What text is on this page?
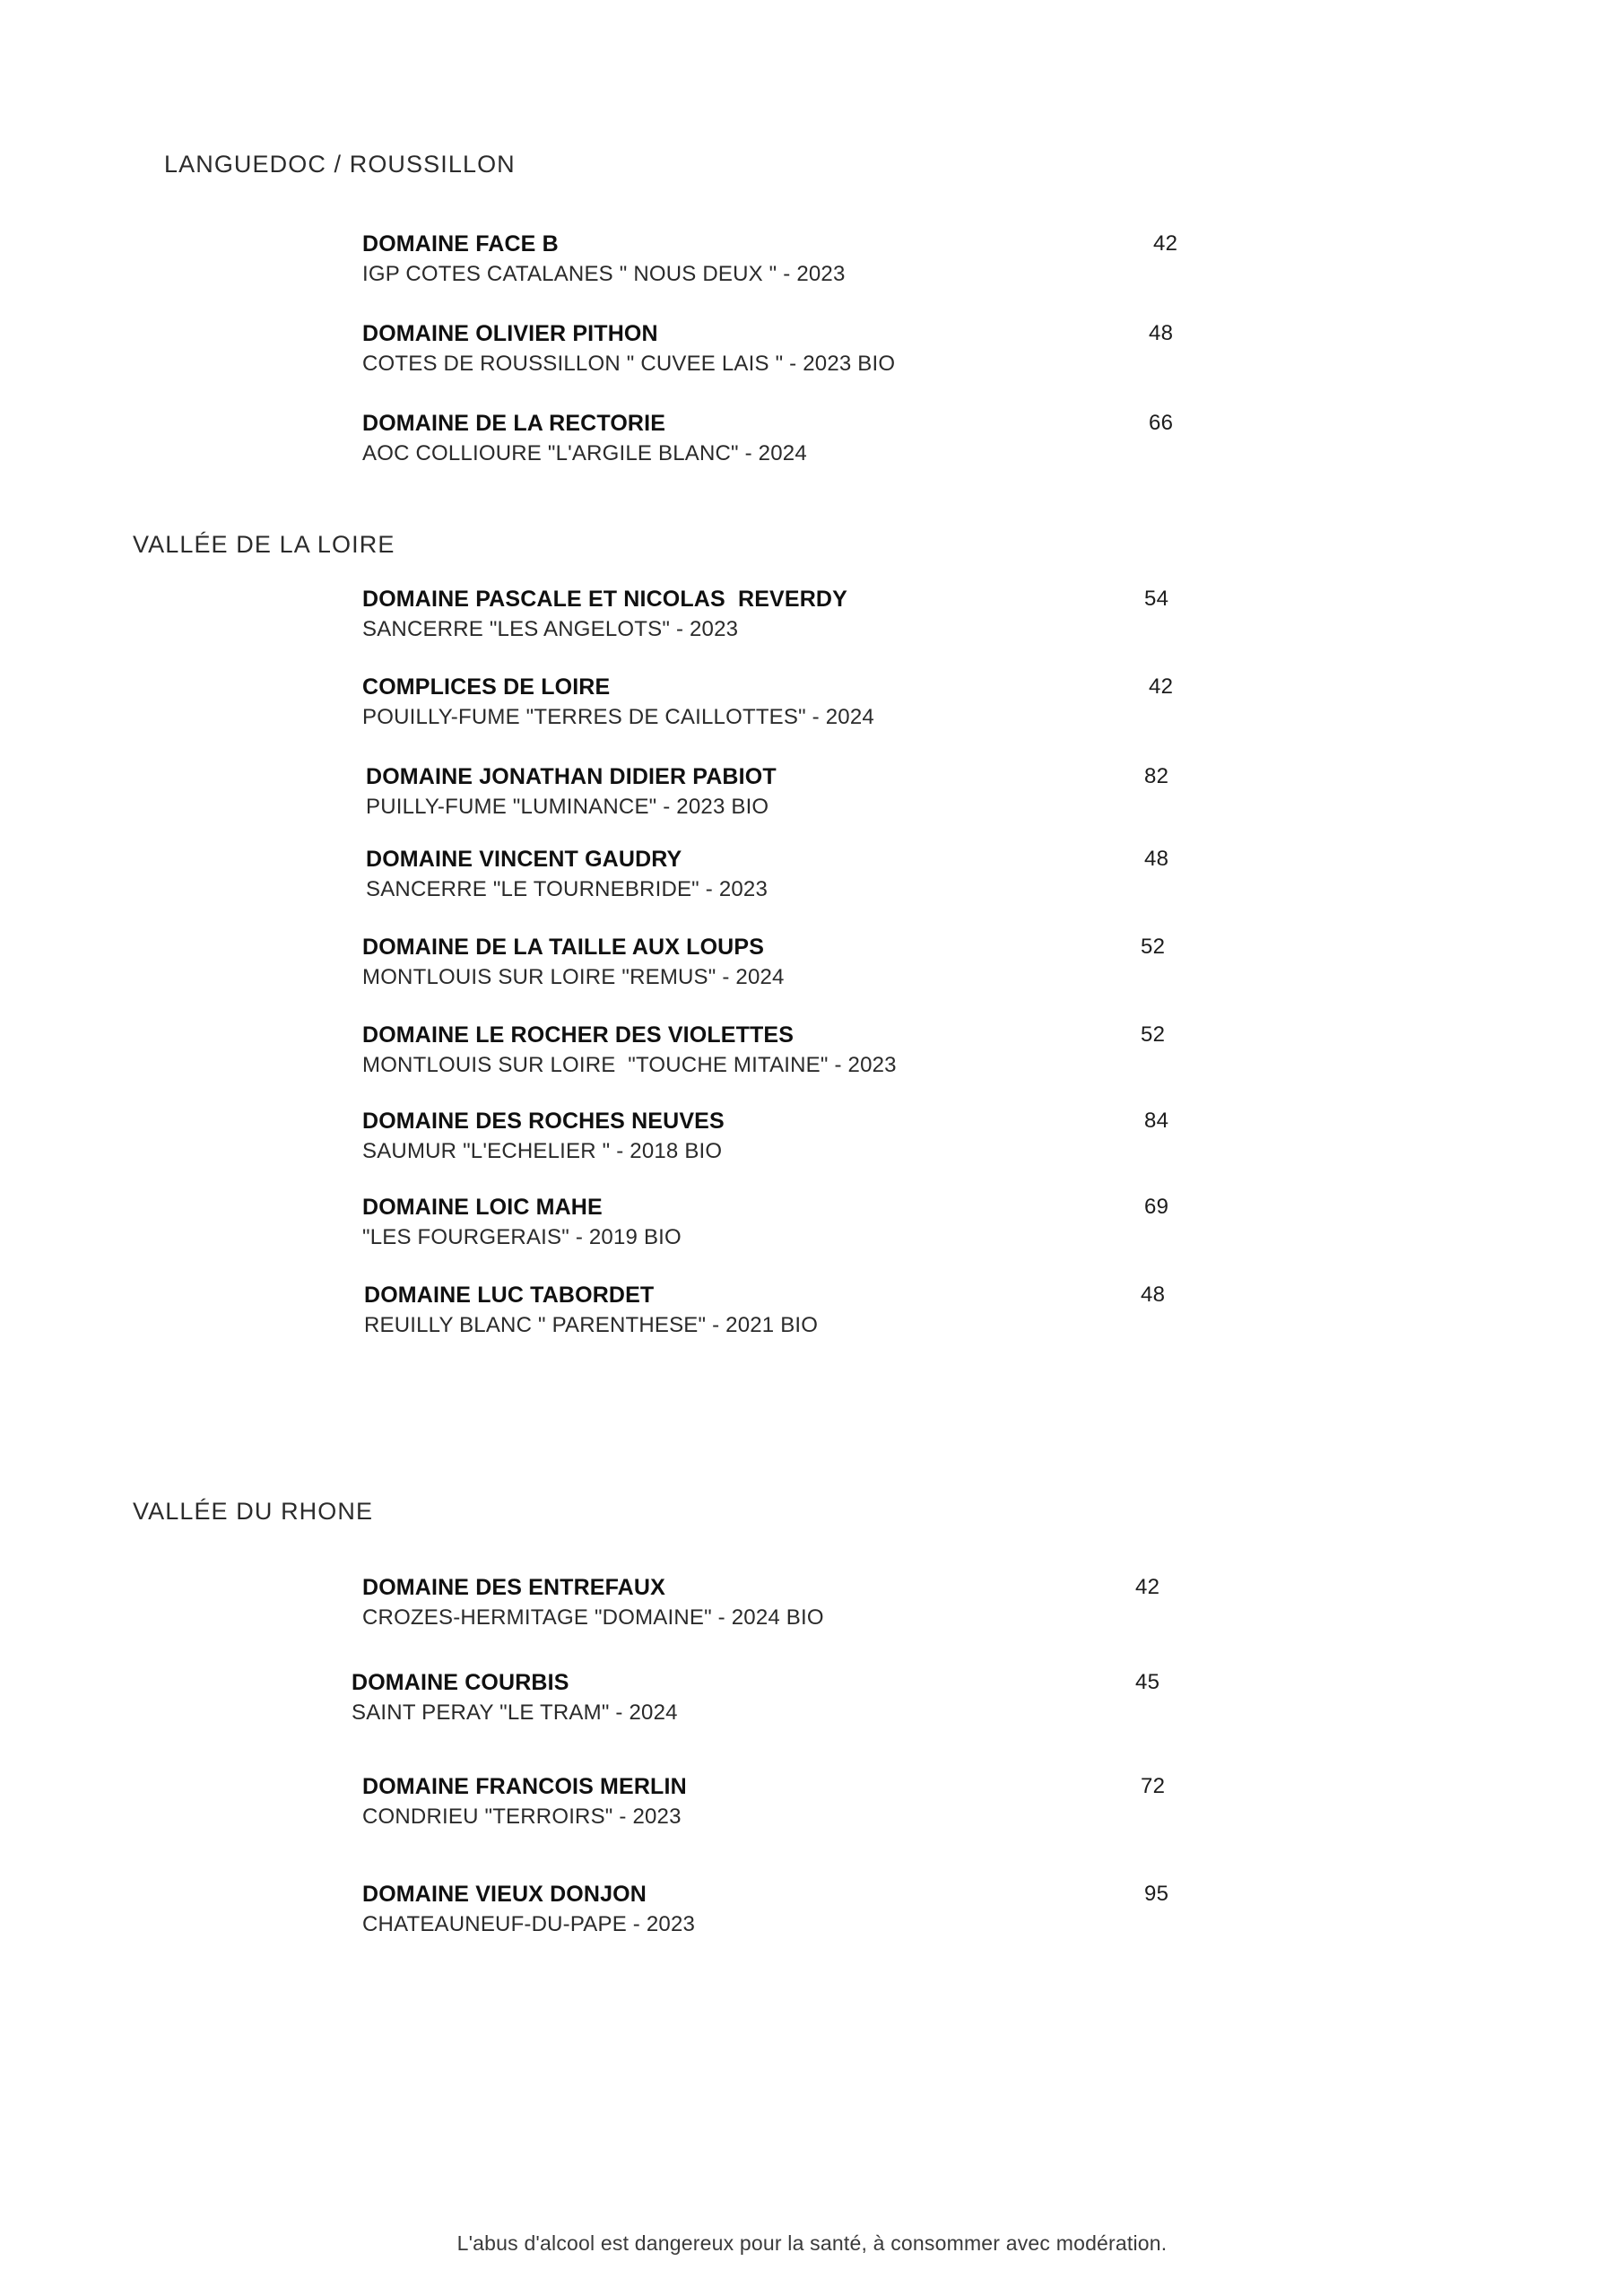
L'abus d'alcool est dangereux pour la santé, à consommer avec modération.
LANGUEDOC / ROUSSILLON
DOMAINE FACE B
IGP COTES CATALANES " NOUS DEUX " - 2023
42
DOMAINE OLIVIER PITHON
COTES DE ROUSSILLON " CUVEE LAIS " - 2023 BIO
48
DOMAINE DE LA RECTORIE
AOC COLLIOURE "L'ARGILE BLANC" - 2024
66
VALLÉE DE LA LOIRE
DOMAINE PASCALE ET NICOLAS  REVERDY
SANCERRE "LES ANGELOTS" - 2023
54
COMPLICES DE LOIRE
POUILLY-FUME "TERRES DE CAILLOTTES" - 2024
42
DOMAINE JONATHAN DIDIER PABIOT
PUILLY-FUME "LUMINANCE" - 2023 BIO
82
DOMAINE VINCENT GAUDRY
SANCERRE "LE TOURNEBRIDE" - 2023
48
DOMAINE DE LA TAILLE AUX LOUPS
MONTLOUIS SUR LOIRE "REMUS" - 2024
52
DOMAINE LE ROCHER DES VIOLETTES
MONTLOUIS SUR LOIRE  "TOUCHE MITAINE" - 2023
52
DOMAINE DES ROCHES NEUVES
SAUMUR "L'ECHELIER " - 2018 BIO
84
DOMAINE LOIC MAHE
"LES FOURGERAIS" - 2019 BIO
69
DOMAINE LUC TABORDET
REUILLY BLANC " PARENTHESE" - 2021 BIO
48
VALLÉE DU RHONE
DOMAINE DES ENTREFAUX
CROZES-HERMITAGE "DOMAINE" - 2024 BIO
42
DOMAINE COURBIS
SAINT PERAY "LE TRAM" - 2024
45
DOMAINE FRANCOIS MERLIN
CONDRIEU "TERROIRS" - 2023
72
DOMAINE VIEUX DONJON
CHATEAUNEUF-DU-PAPE - 2023
95
